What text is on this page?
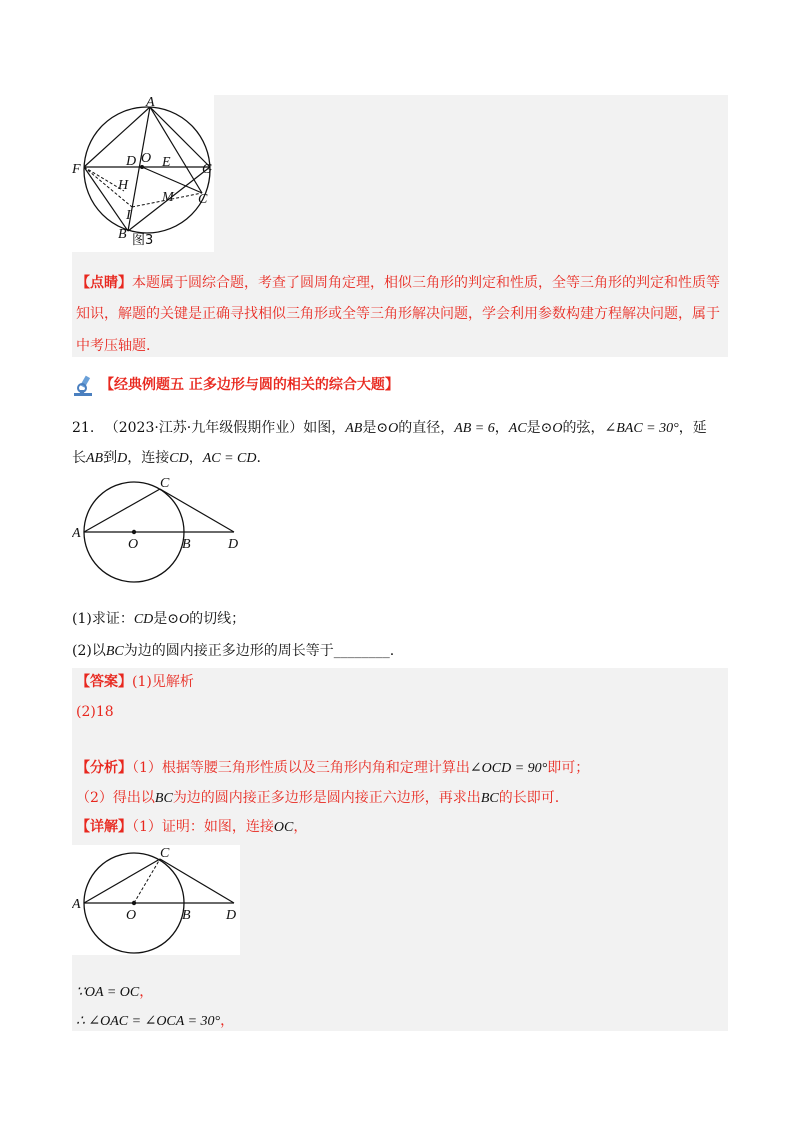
A
F	G
D O E
H
M C
I
B 图3
【点睛】本题属于圆综合题，考查了圆周角定理，相似三角形的判定和性质，全等三角形的判定和性质等
知识，解题的关键是正确寻找相似三角形或全等三角形解决问题，学会利用参数构建方程解决问题，属于
中考压轴题.
【经典例题五 正多边形与圆的相关的综合大题】
21. （2023·江苏·九年级假期作业）如图，AB是⊙O的直径，AB = 6，AC是⊙O的弦，∠BAC = 30°，延
长AB到D，连接CD，AC = CD.
A
C
O	B	D
(1)求证：CD是⊙O的切线；
(2)以BC为边的圆内接正多边形的周长等于________.
【答案】(1)见解析
(2)18
【分析】（1）根据等腰三角形性质以及三角形内角和定理计算出∠OCD = 90°即可；
（2）得出以BC为边的圆内接正多边形是圆内接正六边形，再求出BC的长即可.
【详解】（1）证明：如图，连接OC，
A
C
O	B	D
∵OA = OC，
∴ ∠OAC = ∠OCA = 30°，
